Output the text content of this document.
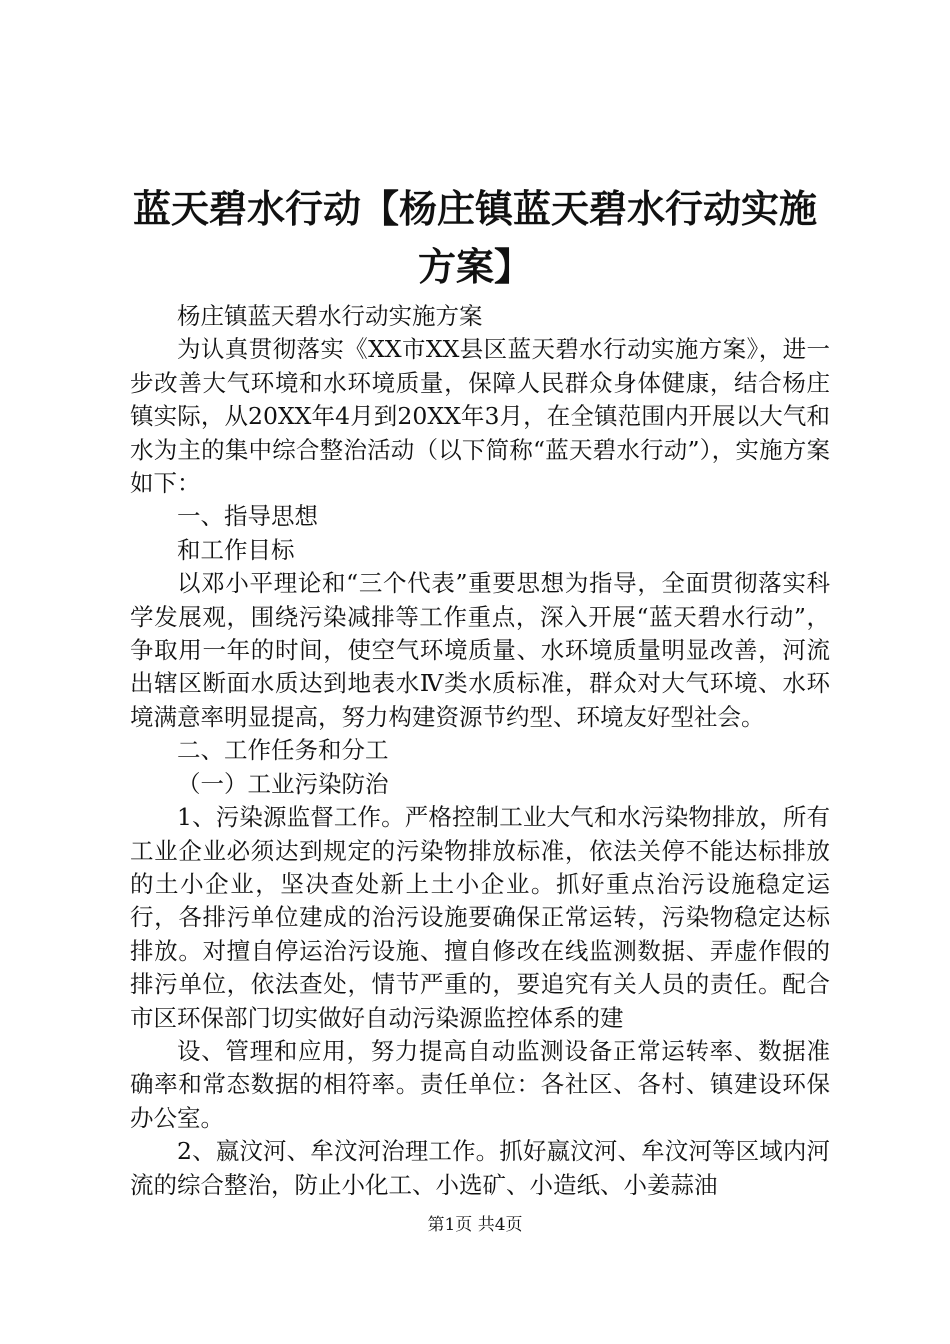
蓝天碧水行动【杨庄镇蓝天碧水行动实施方案】

杨庄镇蓝天碧水行动实施方案

为认真贯彻落实《XX市XX县区蓝天碧水行动实施方案》，进一步改善大气环境和水环境质量，保障人民群众身体健康，结合杨庄镇实际，从20XX年4月到20XX年3月，在全镇范围内开展以大气和水为主的集中综合整治活动（以下简称“蓝天碧水行动”），实施方案如下：

一、指导思想

和工作目标

以邓小平理论和“三个代表”重要思想为指导，全面贯彻落实科学发展观，围绕污染减排等工作重点，深入开展“蓝天碧水行动”，争取用一年的时间，使空气环境质量、水环境质量明显改善，河流出辖区断面水质达到地表水Ⅳ类水质标准，群众对大气环境、水环境满意率明显提高，努力构建资源节约型、环境友好型社会。

二、工作任务和分工

（一）工业污染防治

1、污染源监督工作。严格控制工业大气和水污染物排放，所有工业企业必须达到规定的污染物排放标准，依法关停不能达标排放的土小企业，坚决查处新上土小企业。抓好重点治污设施稳定运行，各排污单位建成的治污设施要确保正常运转，污染物稳定达标排放。对擅自停运治污设施、擅自修改在线监测数据、弄虚作假的排污单位，依法查处，情节严重的，要追究有关人员的责任。配合市区环保部门切实做好自动污染源监控体系的建

设、管理和应用，努力提高自动监测设备正常运转率、数据准确率和常态数据的相符率。责任单位：各社区、各村、镇建设环保办公室。

2、嬴汶河、牟汶河治理工作。抓好嬴汶河、牟汶河等区域内河流的综合整治，防止小化工、小选矿、小造纸、小姜蒜油

第1页 共4页
